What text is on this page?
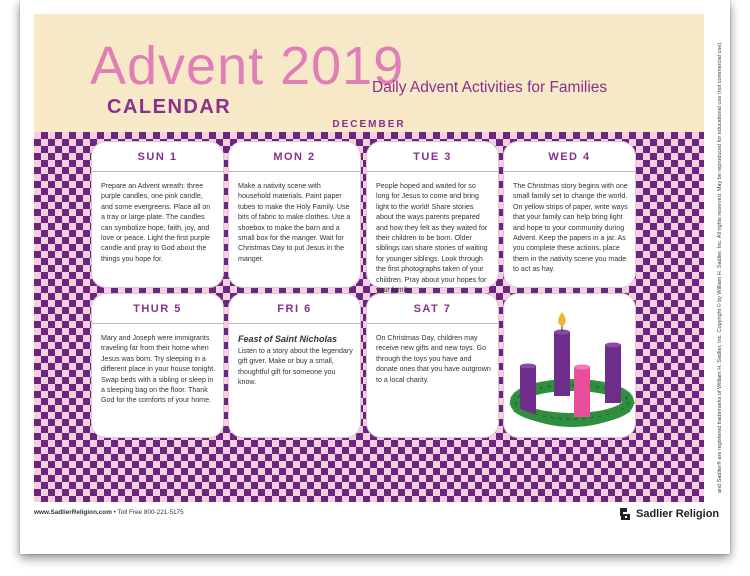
Advent 2019
CALENDAR
Daily Advent Activities for Families
DECEMBER
SUN 1
Prepare an Advent wreath: three purple candles, one pink candle, and some evergreens. Place all on a tray or large plate. The candles can symbolize hope, faith, joy, and love or peace. Light the first purple candle and pray to God about the things you hope for.
MON 2
Make a nativity scene with household materials. Paint paper tubes to make the Holy Family. Use bits of fabric to make clothes. Use a shoebox to make the barn and a small box for the manger. Wait for Christmas Day to put Jesus in the manger.
TUE 3
People hoped and waited for so long for Jesus to come and bring light to the world! Share stories about the ways parents prepared and how they felt as they waited for their children to be born. Older siblings can share stories of waiting for younger siblings. Look through the first photographs taken of your children. Pray about your hopes for your family.
WED 4
The Christmas story begins with one small family set to change the world. On yellow strips of paper, write ways that your family can help bring light and hope to your community during Advent. Keep the papers in a jar. As you complete these actions, place them in the nativity scene you made to act as hay.
THUR 5
Mary and Joseph were immigrants traveling far from their home when Jesus was born. Try sleeping in a different place in your house tonight. Swap beds with a sibling or sleep in a sleeping bag on the floor. Thank God for the comforts of your home.
FRI 6
Feast of Saint Nicholas
Listen to a story about the legendary gift giver. Make or buy a small, thoughtful gift for someone you know.
SAT 7
On Christmas Day, children may receive new gifts and new toys. Go through the toys you have and donate ones that you have outgrown to a local charity.
www.SadlierReligion.com • Toll Free 800-221-5175	Sadlier Religion
and Sadlier® are registered trademarks of William H. Sadlier, Inc. Copyright © by William H. Sadlier, Inc. All rights reserved. May be reproduced for educational use (not commercial use).
